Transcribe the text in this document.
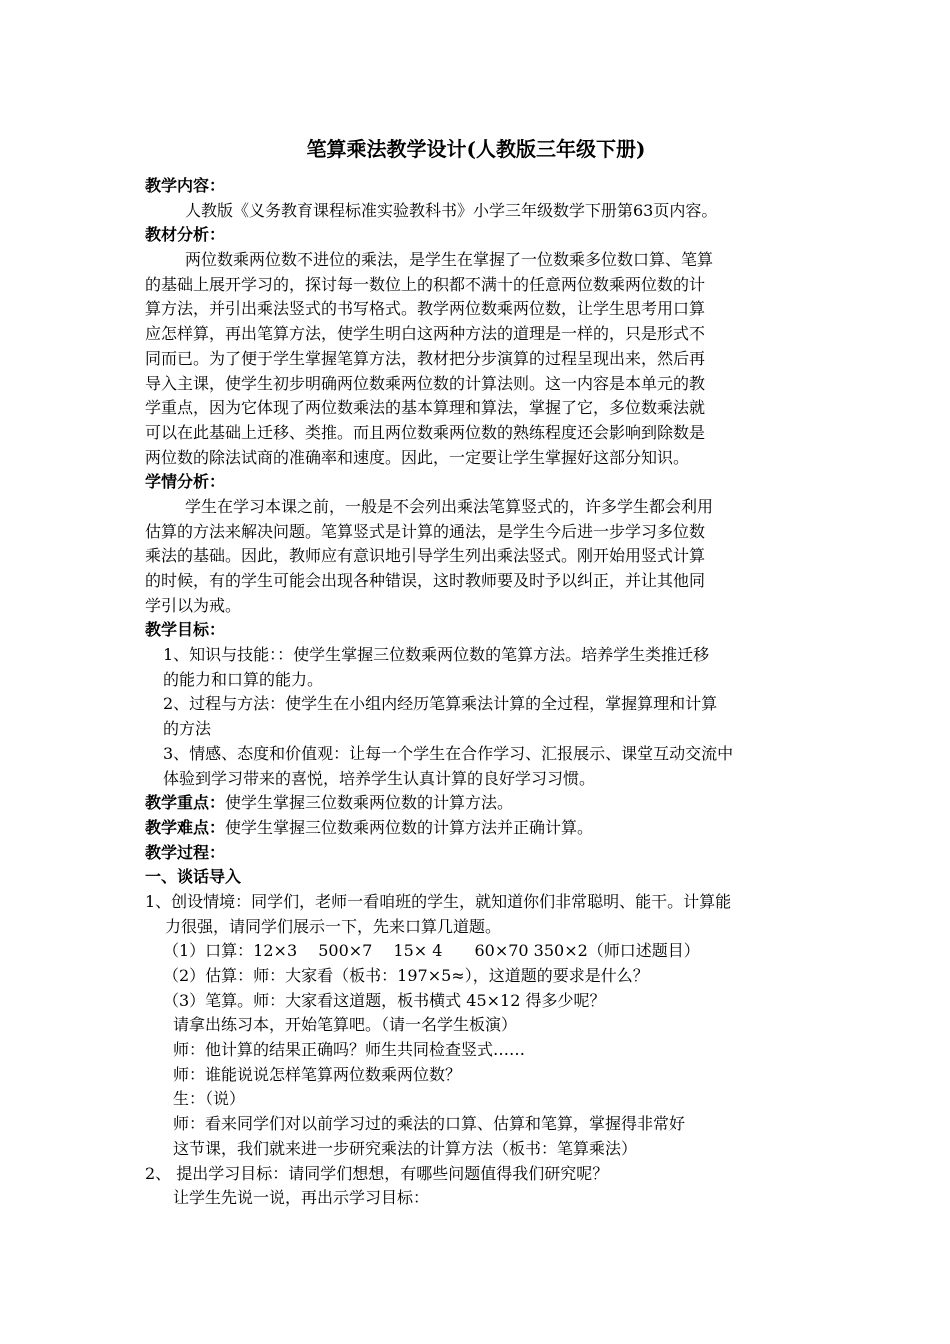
笔算乘法教学设计(人教版三年级下册)
教学内容：
人教版《义务教育课程标准实验教科书》小学三年级数学下册第63页内容。
教材分析：
两位数乘两位数不进位的乘法，是学生在掌握了一位数乘多位数口算、笔算
的基础上展开学习的，探讨每一数位上的积都不满十的任意两位数乘两位数的计
算方法，并引出乘法竖式的书写格式。教学两位数乘两位数，让学生思考用口算
应怎样算，再出笔算方法，使学生明白这两种方法的道理是一样的，只是形式不
同而已。为了便于学生掌握笔算方法，教材把分步演算的过程呈现出来，然后再
导入主课，使学生初步明确两位数乘两位数的计算法则。这一内容是本单元的教
学重点，因为它体现了两位数乘法的基本算理和算法，掌握了它，多位数乘法就
可以在此基础上迁移、类推。而且两位数乘两位数的熟练程度还会影响到除数是
两位数的除法试商的准确率和速度。因此，一定要让学生掌握好这部分知识。
学情分析：
学生在学习本课之前，一般是不会列出乘法笔算竖式的，许多学生都会利用
估算的方法来解决问题。笔算竖式是计算的通法，是学生今后进一步学习多位数
乘法的基础。因此，教师应有意识地引导学生列出乘法竖式。刚开始用竖式计算
的时候，有的学生可能会出现各种错误，这时教师要及时予以纠正，并让其他同
学引以为戒。
教学目标：
1、知识与技能：：使学生掌握三位数乘两位数的笔算方法。培养学生类推迁移
的能力和口算的能力。
2、过程与方法：使学生在小组内经历笔算乘法计算的全过程，掌握算理和计算
的方法
3、情感、态度和价值观：让每一个学生在合作学习、汇报展示、课堂互动交流中
体验到学习带来的喜悦，培养学生认真计算的良好学习习惯。
教学重点：使学生掌握三位数乘两位数的计算方法。
教学难点：使学生掌握三位数乘两位数的计算方法并正确计算。
教学过程：
一、谈话导入
1、创设情境：同学们，老师一看咱班的学生，就知道你们非常聪明、能干。计算能
力很强，请同学们展示一下，先来口算几道题。
（1）口算：12×3　 500×7　 15× 4　　60×70 350×2（师口述题目）
（2）估算：师：大家看（板书：197×5≈），这道题的要求是什么？
（3）笔算。师：大家看这道题，板书横式 45×12 得多少呢？
请拿出练习本，开始笔算吧。（请一名学生板演）
师：他计算的结果正确吗？师生共同检查竖式……
师：谁能说说怎样笔算两位数乘两位数？
生：（说）
师：看来同学们对以前学习过的乘法的口算、估算和笔算，掌握得非常好
这节课，我们就来进一步研究乘法的计算方法（板书：笔算乘法）
2、 提出学习目标：请同学们想想，有哪些问题值得我们研究呢？
让学生先说一说，再出示学习目标：
